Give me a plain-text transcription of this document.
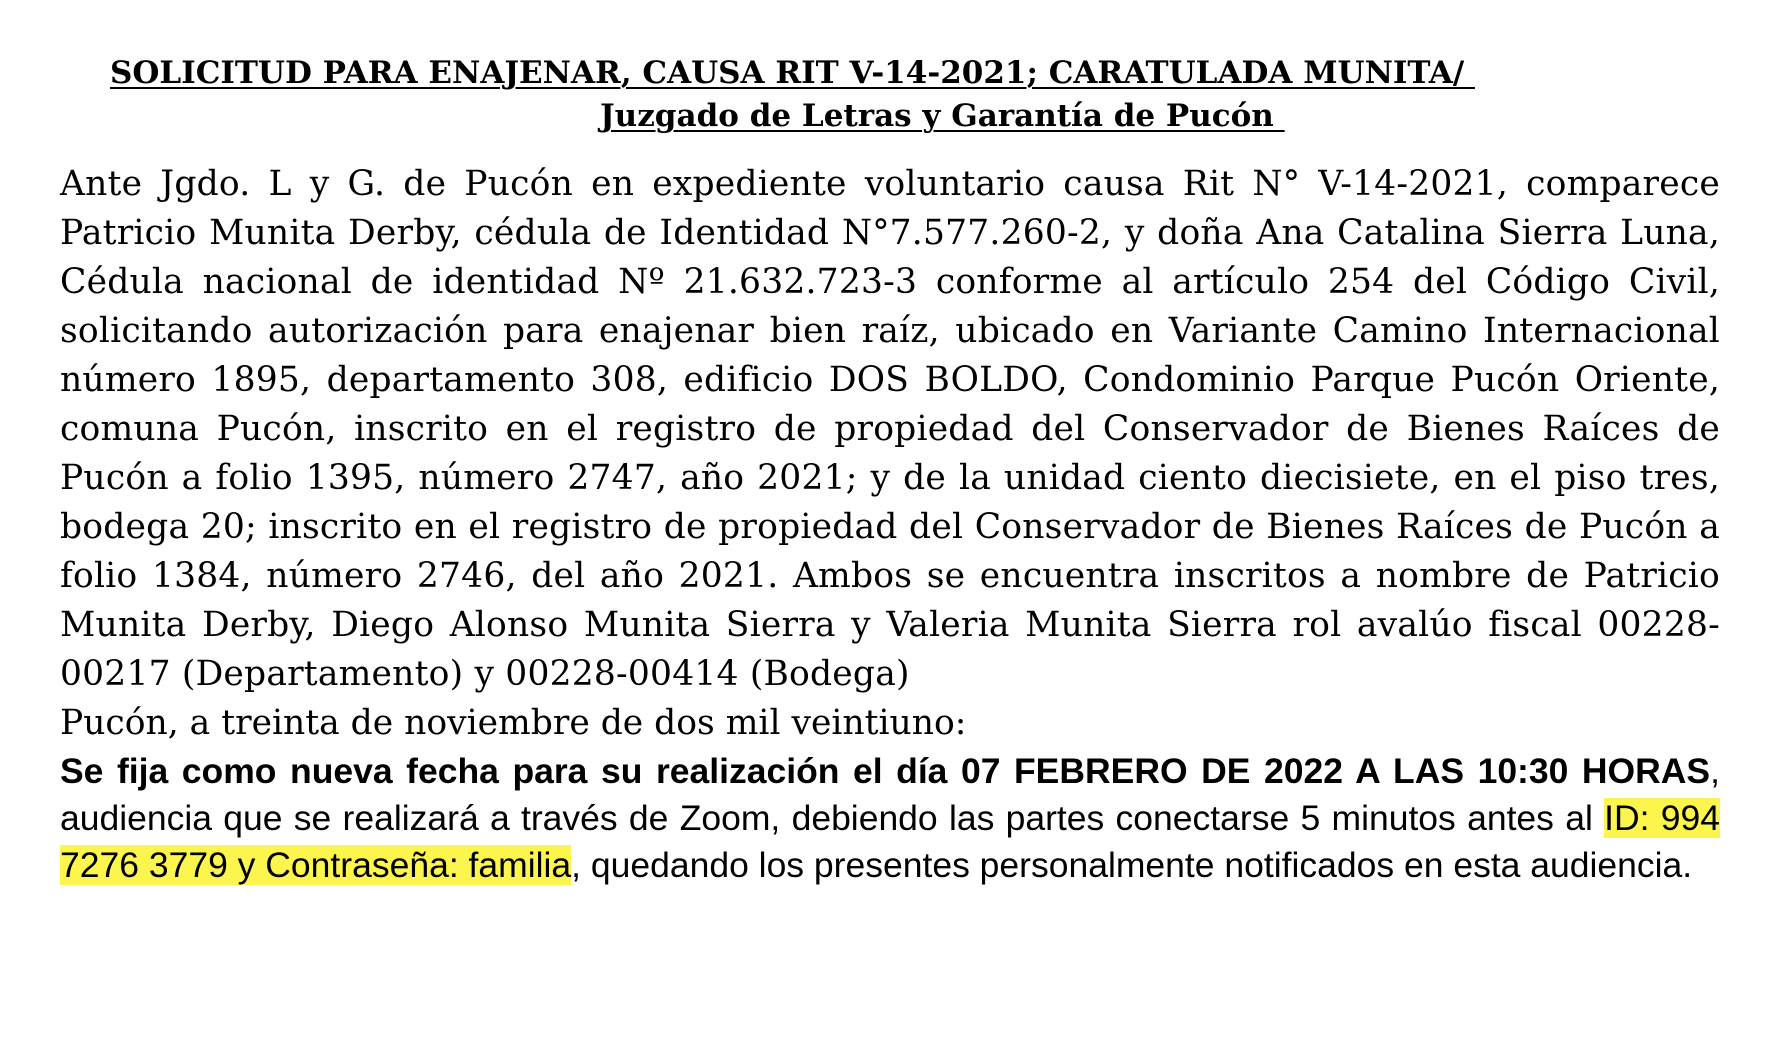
SOLICITUD PARA ENAJENAR, CAUSA RIT V-14-2021; CARATULADA MUNITA/
Juzgado de Letras y Garantía de Pucón

Ante Jgdo. L y G. de Pucón en expediente voluntario causa Rit N° V-14-2021, comparece Patricio Munita Derby, cédula de Identidad N°7.577.260-2, y doña Ana Catalina Sierra Luna, Cédula nacional de identidad Nº 21.632.723-3 conforme al artículo 254 del Código Civil, solicitando autorización para enajenar bien raíz, ubicado en Variante Camino Internacional número 1895, departamento 308, edificio DOS BOLDO, Condominio Parque Pucón Oriente, comuna Pucón, inscrito en el registro de propiedad del Conservador de Bienes Raíces de Pucón a folio 1395, número 2747, año 2021; y de la unidad ciento diecisiete, en el piso tres, bodega 20; inscrito en el registro de propiedad del Conservador de Bienes Raíces de Pucón a folio 1384, número 2746, del año 2021. Ambos se encuentra inscritos a nombre de Patricio Munita Derby, Diego Alonso Munita Sierra y Valeria Munita Sierra rol avalúo fiscal 00228-00217 (Departamento) y 00228-00414 (Bodega)

Pucón, a treinta de noviembre de dos mil veintiuno:

Se fija como nueva fecha para su realización el día 07 FEBRERO DE 2022 A LAS 10:30 HORAS, audiencia que se realizará a través de Zoom, debiendo las partes conectarse 5 minutos antes al ID: 994 7276 3779 y Contraseña: familia, quedando los presentes personalmente notificados en esta audiencia.
